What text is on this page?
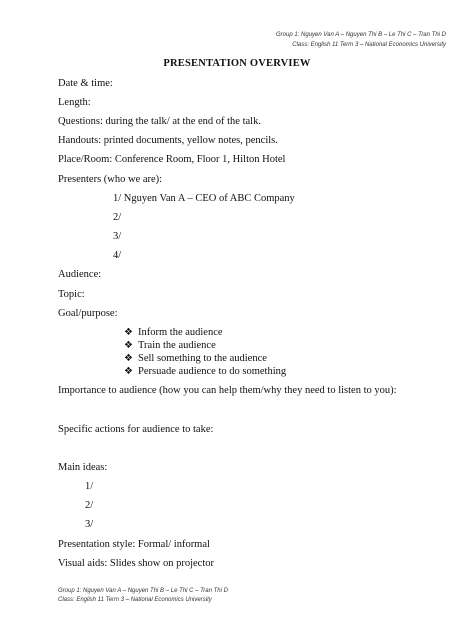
Group 1: Nguyen Van A – Nguyen Thi B – Le Thi C – Tran Thi D
Class: English 11 Term 3 – National Economics University
PRESENTATION OVERVIEW
Date & time:
Length:
Questions: during the talk/ at the end of the talk.
Handouts: printed documents, yellow notes, pencils.
Place/Room: Conference Room, Floor 1, Hilton Hotel
Presenters (who we are):
1/ Nguyen Van A – CEO of ABC Company
2/
3/
4/
Audience:
Topic:
Goal/purpose:
❖ Inform the audience
❖ Train the audience
❖ Sell something to the audience
❖ Persuade audience to do something
Importance to audience (how you can help them/why they need to listen to you):
Specific actions for audience to take:
Main ideas:
1/
2/
3/
Presentation style: Formal/ informal
Visual aids: Slides show on projector
Group 1: Nguyen Van A – Nguyen Thi B – Le Thi C – Tran Thi D
Class: English 11 Term 3 – National Economics University
